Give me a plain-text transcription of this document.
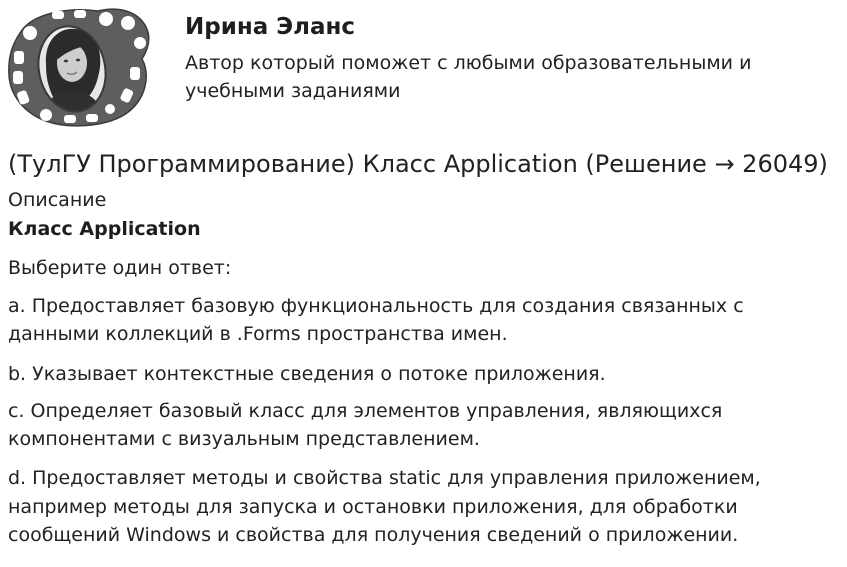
Ирина Эланс
Автор который поможет с любыми образовательными и учебными заданиями
(ТулГУ Программирование) Класс Application (Решение → 26049)
Описание
Класс Application
Выберите один ответ:
a. Предоставляет базовую функциональность для создания связанных с данными коллекций в .Forms пространства имен.
b. Указывает контекстные сведения о потоке приложения.
c. Определяет базовый класс для элементов управления, являющихся компонентами с визуальным представлением.
d. Предоставляет методы и свойства static для управления приложением, например методы для запуска и остановки приложения, для обработки сообщений Windows и свойства для получения сведений о приложении.
